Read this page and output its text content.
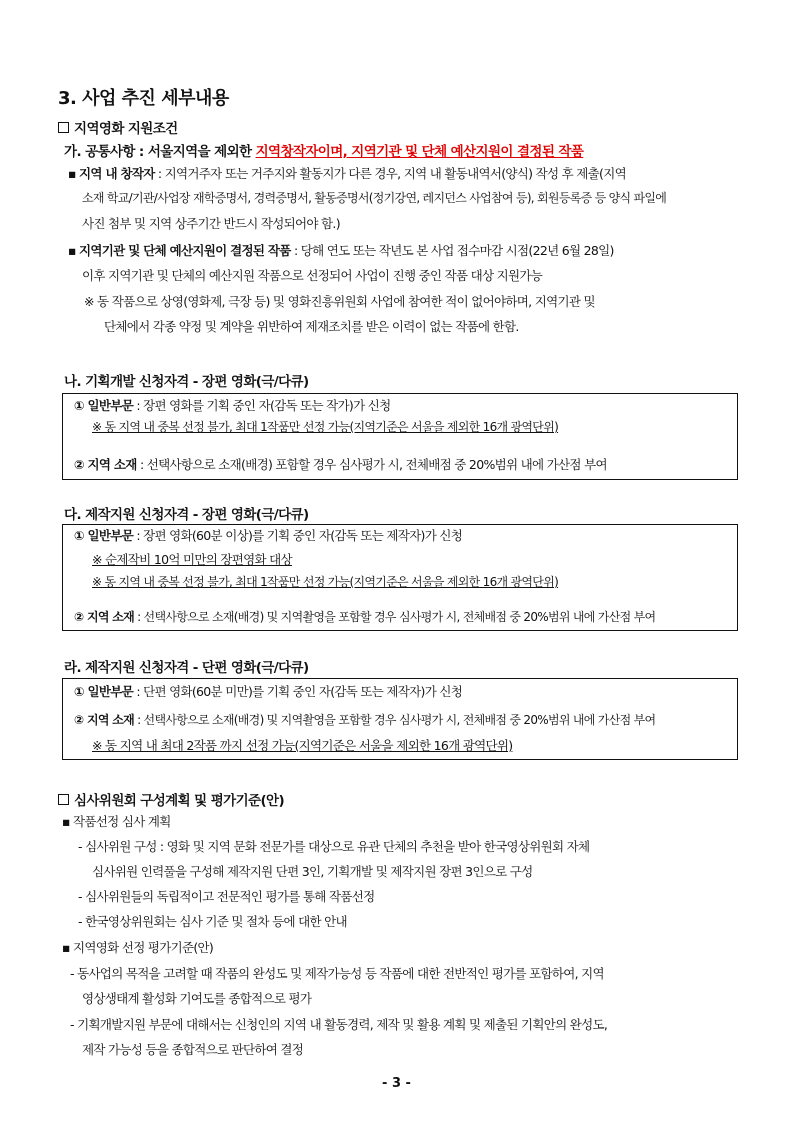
3. 사업 추진 세부내용
지역영화 지원조건
가. 공통사항 : 서울지역을 제외한 지역창작자이며, 지역기관 및 단체 예산지원이 결정된 작품
▪ 지역 내 창작자 : 지역거주자 또는 거주지와 활동지가 다른 경우, 지역 내 활동내역서(양식) 작성 후 제출(지역
소재 학교/기관/사업장 재학증명서, 경력증명서, 활동증명서(정기강연, 레지던스 사업참여 등), 회원등록증 등 양식 파일에
사진 첨부 및 지역 상주기간 반드시 작성되어야 함.)
▪ 지역기관 및 단체 예산지원이 결정된 작품 : 당해 연도 또는 작년도 본 사업 접수마감 시점(22년 6월 28일)
이후 지역기관 및 단체의 예산지원 작품으로 선정되어 사업이 진행 중인 작품 대상 지원가능
※ 동 작품으로 상영(영화제, 극장 등) 및 영화진흥위원회 사업에 참여한 적이 없어야하며, 지역기관 및
단체에서 각종 약정 및 계약을 위반하여 제재조치를 받은 이력이 없는 작품에 한함.
나. 기획개발 신청자격 - 장편 영화(극/다큐)
① 일반부문 : 장편 영화를 기획 중인 자(감독 또는 작가)가 신청
※ 동 지역 내 중복 선정 불가, 최대 1작품만 선정 가능(지역기준은 서울을 제외한 16개 광역단위)
② 지역 소재 : 선택사항으로 소재(배경) 포함할 경우 심사평가 시, 전체배점 중 20%범위 내에 가산점 부여
다. 제작지원 신청자격 - 장편 영화(극/다큐)
① 일반부문 : 장편 영화(60분 이상)를 기획 중인 자(감독 또는 제작자)가 신청
※ 순제작비 10억 미만의 장편영화 대상
※ 동 지역 내 중복 선정 불가, 최대 1작품만 선정 가능(지역기준은 서울을 제외한 16개 광역단위)
② 지역 소재 : 선택사항으로 소재(배경) 및 지역촬영을 포함할 경우 심사평가 시, 전체배점 중 20%범위 내에 가산점 부여
라. 제작지원 신청자격 - 단편 영화(극/다큐)
① 일반부문 : 단편 영화(60분 미만)를 기획 중인 자(감독 또는 제작자)가 신청
② 지역 소재 : 선택사항으로 소재(배경) 및 지역촬영을 포함할 경우 심사평가 시, 전체배점 중 20%범위 내에 가산점 부여
※ 동 지역 내 최대 2작품 까지 선정 가능(지역기준은 서울을 제외한 16개 광역단위)
심사위원회 구성계획 및 평가기준(안)
▪ 작품선정 심사 계획
- 심사위원 구성 : 영화 및 지역 문화 전문가를 대상으로 유관 단체의 추천을 받아 한국영상위원회 자체
심사위원 인력풀을 구성해 제작지원 단편 3인, 기획개발 및 제작지원 장편 3인으로 구성
- 심사위원들의 독립적이고 전문적인 평가를 통해 작품선정
- 한국영상위원회는 심사 기준 및 절차 등에 대한 안내
▪ 지역영화 선정 평가기준(안)
- 동사업의 목적을 고려할 때 작품의 완성도 및 제작가능성 등 작품에 대한 전반적인 평가를 포함하여, 지역
영상생태계 활성화 기여도를 종합적으로 평가
- 기획개발지원 부문에 대해서는 신청인의 지역 내 활동경력, 제작 및 활용 계획 및 제출된 기획안의 완성도,
제작 가능성 등을 종합적으로 판단하여 결정
- 3 -
